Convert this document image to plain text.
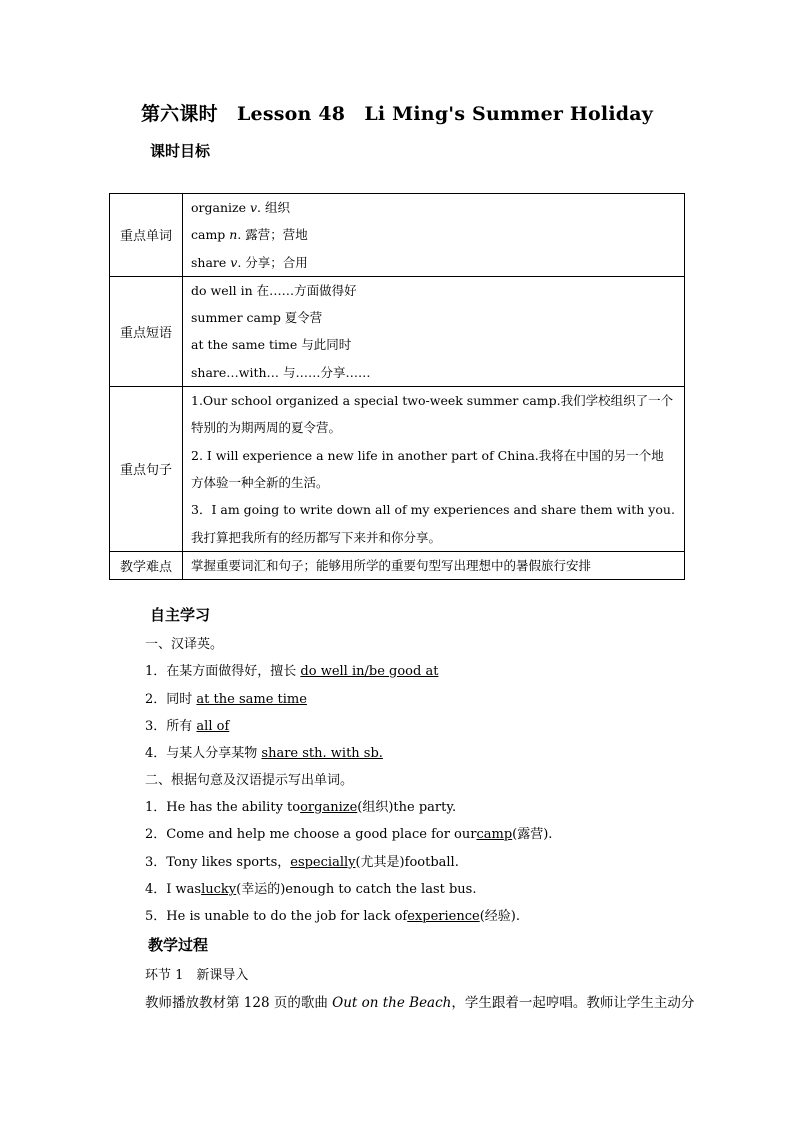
第六课时　Lesson 48　Li Ming's Summer Holiday
课时目标
重点单词	organize v. 组织
camp n. 露营；营地
share v. 分享；合用

重点短语	do well in 在……方面做得好
summer camp 夏令营
at the same time 与此同时
share…with… 与……分享……

重点句子	1.Our school organized a special two-week summer camp.我们学校组织了一个特别的为期两周的夏令营。
2. I will experience a new life in another part of China.我将在中国的另一个地方体验一种全新的生活。
3．I am going to write down all of my experiences and share them with you.我打算把我所有的经历都写下来并和你分享。

教学难点	掌握重要词汇和句子；能够用所学的重要句型写出理想中的暑假旅行安排
自主学习
一、汉译英。
1．在某方面做得好，擅长 do well in/be good at
2．同时 at the same time
3．所有 all of
4．与某人分享某物 share sth. with sb.
二、根据句意及汉语提示写出单词。
1．He has the ability toorganize(组织)the party.
2．Come and help me choose a good place for ourcamp(露营).
3．Tony likes sports，especially(尤其是)football.
4．I waslucky(幸运的)enough to catch the last bus.
5．He is unable to do the job for lack ofexperience(经验).
教学过程
环节 1　新课导入
教师播放教材第 128 页的歌曲 Out on the Beach，学生跟着一起哼唱。教师让学生主动分
